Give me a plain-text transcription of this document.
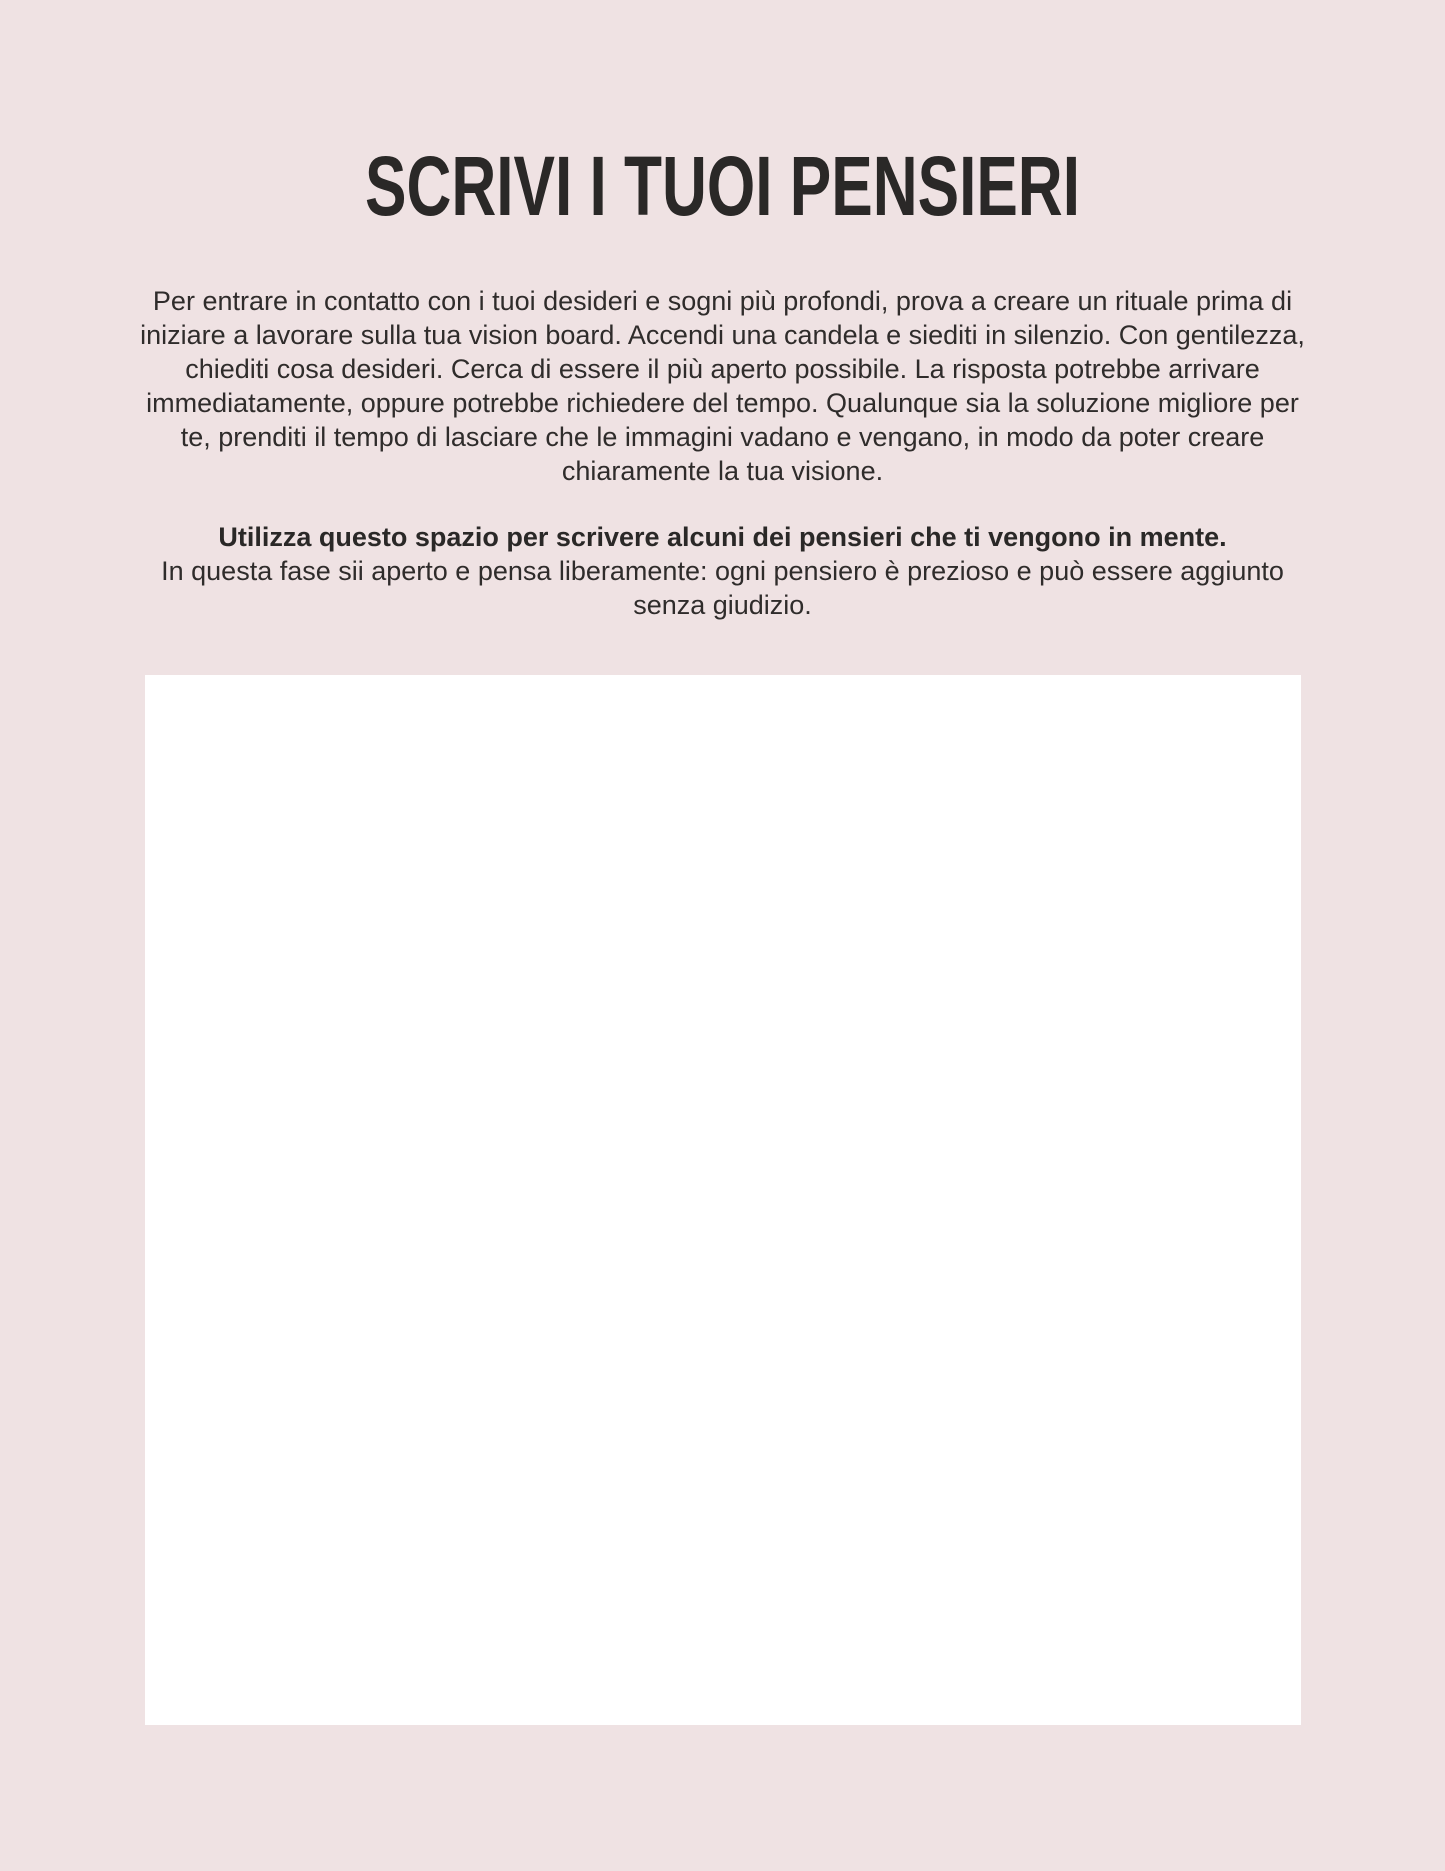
SCRIVI I TUOI PENSIERI

Per entrare in contatto con i tuoi desideri e sogni più profondi, prova a creare un rituale prima di iniziare a lavorare sulla tua vision board. Accendi una candela e siediti in silenzio. Con gentilezza, chiediti cosa desideri. Cerca di essere il più aperto possibile. La risposta potrebbe arrivare immediatamente, oppure potrebbe richiedere del tempo. Qualunque sia la soluzione migliore per te, prenditi il tempo di lasciare che le immagini vadano e vengano, in modo da poter creare chiaramente la tua visione.

Utilizza questo spazio per scrivere alcuni dei pensieri che ti vengono in mente.
In questa fase sii aperto e pensa liberamente: ogni pensiero è prezioso e può essere aggiunto senza giudizio.
